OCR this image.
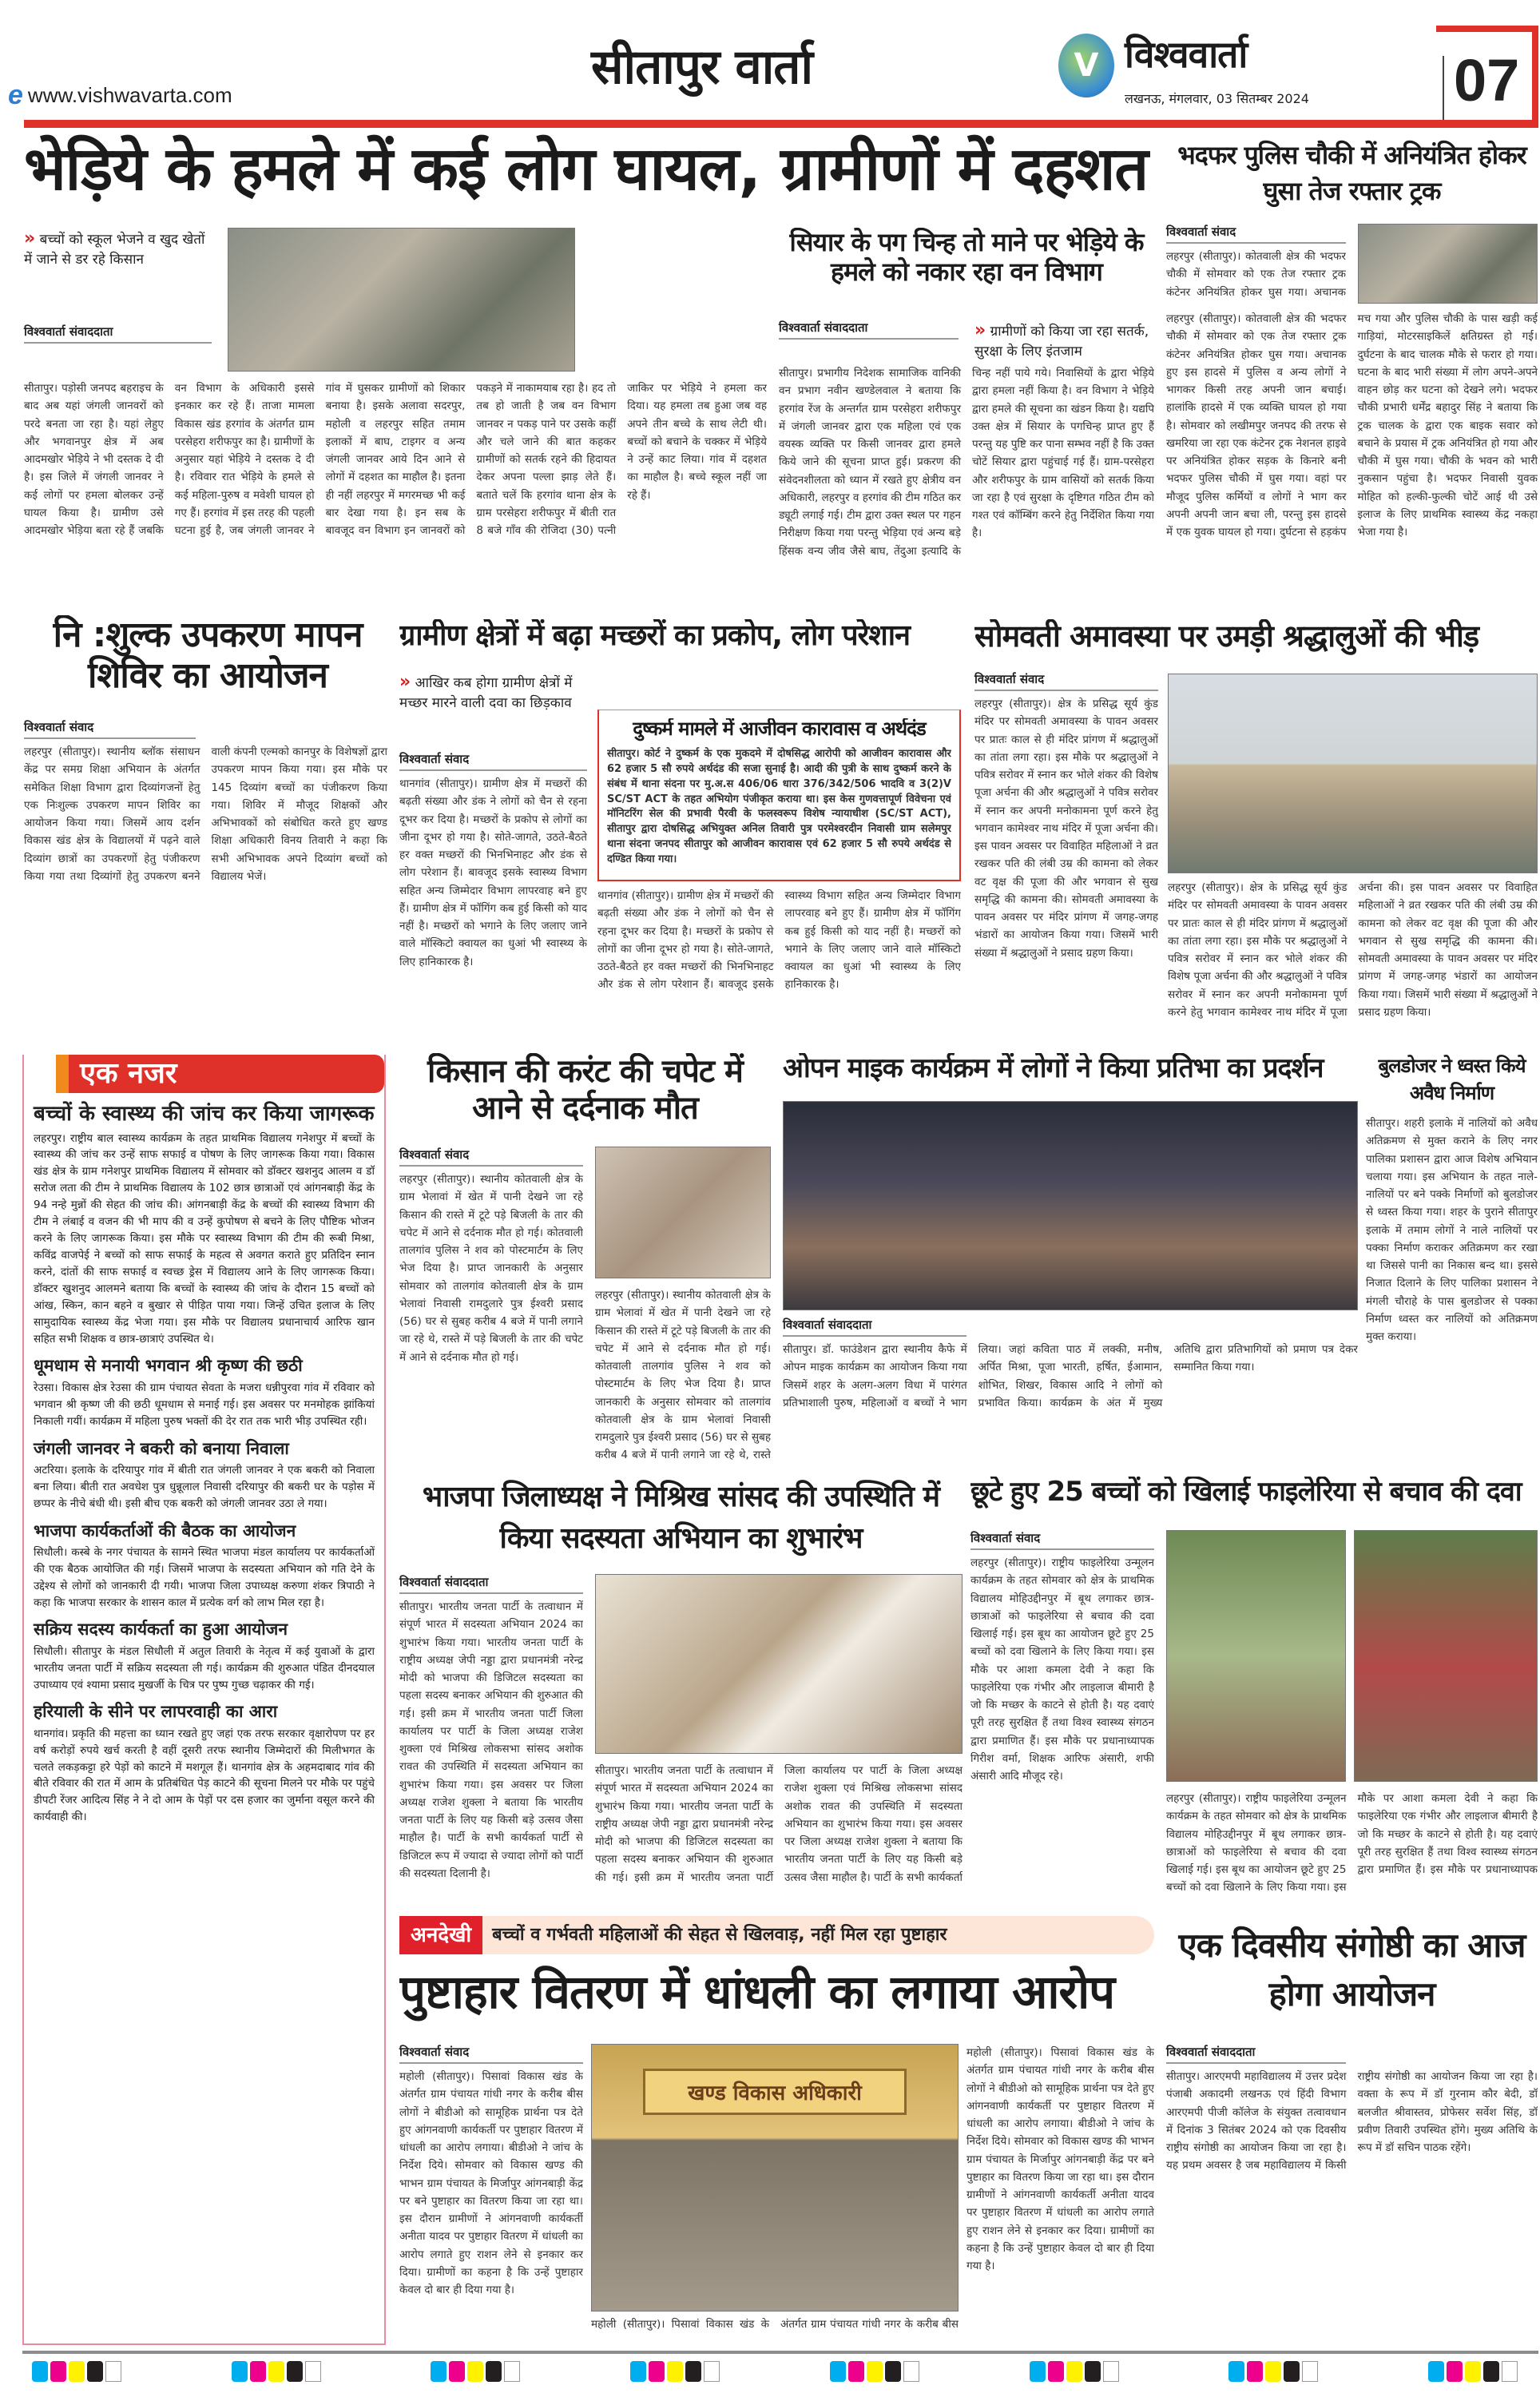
e www.vishwavarta.com	सीतापुर वार्ता	V विश्ववार्ता
लखनऊ, मंगलवार, 03 सितम्बर 2024	07
भेड़िये के हमले में कई लोग घायल, ग्रामीणों में दहशत
» बच्चों को स्कूल भेजने व खुद खेतों में जाने से डर रहे किसान
विश्ववार्ता संवाददाता
सीतापुर। पड़ोसी जनपद बहराइच के बाद अब यहां जंगली जानवरों को परदे बनता जा रहा है। यहां लेहुए और भगवानपुर क्षेत्र में अब आदमखोर भेड़िये ने भी दस्तक दे दी है। इस जिले में जंगली जानवर ने कई लोगों पर हमला बोलकर उन्हें घायल किया है। ग्रामीण उसे आदमखोर भेड़िया बता रहे हैं जबकि वन विभाग के अधिकारी इससे इनकार कर रहे हैं। ताजा मामला विकास खंड हरगांव के अंतर्गत ग्राम परसेहरा शरीफपुर का है। ग्रामीणों के अनुसार यहां भेड़िये ने दस्तक दे दी है। रविवार रात भेड़िये के हमले से कई महिला-पुरुष व मवेशी घायल हो गए हैं। हरगांव में इस तरह की पहली घटना हुई है, जब जंगली जानवर ने गांव में घुसकर ग्रामीणों को शिकार बनाया है। इसके अलावा सदरपुर, महोली व लहरपुर सहित तमाम इलाकों में बाघ, टाइगर व अन्य जंगली जानवर आये दिन आने से लोगों में दहशत का माहौल है। इतना ही नहीं लहरपुर में मगरमच्छ भी कई बार देखा गया है। इन सब के बावजूद वन विभाग इन जानवरों को पकड़ने में नाकामयाब रहा है। हद तो तब हो जाती है जब वन विभाग जानवर न पकड़ पाने पर उसके कहीं और चले जाने की बात कहकर ग्रामीणों को सतर्क रहने की हिदायत देकर अपना पल्ला झाड़ लेते हैं। बताते चलें कि हरगांव थाना क्षेत्र के ग्राम परसेहरा शरीफपुर में बीती रात 8 बजे गाँव की रोजिदा (30) पत्नी जाकिर पर भेड़िये ने हमला कर दिया। यह हमला तब हुआ जब वह अपने तीन बच्चे के साथ लेटी थी। बच्चों को बचाने के चक्कर में भेड़िये ने उन्हें काट लिया। गांव में दहशत का माहौल है। बच्चे स्कूल नहीं जा रहे हैं।
सियार के पग चिन्ह तो माने पर भेड़िये के हमले को नकार रहा वन विभाग
विश्ववार्ता संवाददाता	» ग्रामीणों को किया जा रहा सतर्क, सुरक्षा के लिए इंतजाम
सीतापुर। प्रभागीय निदेशक सामाजिक वानिकी वन प्रभाग नवीन खण्डेलवाल ने बताया कि हरगांव रेंज के अन्तर्गत ग्राम परसेहरा शरीफपुर में जंगली जानवर द्वारा एक महिला एवं एक वयस्क व्यक्ति पर किसी जानवर द्वारा हमले किये जाने की सूचना प्राप्त हुई। प्रकरण की संवेदनशीलता को ध्यान में रखते हुए क्षेत्रीय वन अधिकारी, लहरपुर व हरगांव की टीम गठित कर ड्यूटी लगाई गई। टीम द्वारा उक्त स्थल पर गहन निरीक्षण किया गया परन्तु भेड़िया एवं अन्य बड़े हिंसक वन्य जीव जैसे बाघ, तेंदुआ इत्यादि के चिन्ह नहीं पाये गये। निवासियों के द्वारा भेड़िये द्वारा हमला नहीं किया है। वन विभाग ने भेड़िये द्वारा हमले की सूचना का खंडन किया है। यद्यपि उक्त क्षेत्र में सियार के पगचिन्ह प्राप्त हुए हैं परन्तु यह पुष्टि कर पाना सम्भव नहीं है कि उक्त चोटें सियार द्वारा पहुंचाई गई हैं। ग्राम-परसेहरा और शरीफपुर के ग्राम वासियों को सतर्क किया जा रहा है एवं सुरक्षा के दृष्टिगत गठित टीम को गश्त एवं कॉम्बिंग करने हेतु निर्देशित किया गया है।
भदफर पुलिस चौकी में अनियंत्रित होकर घुसा तेज रफ्तार ट्रक
विश्ववार्ता संवाद
लहरपुर (सीतापुर)। कोतवाली क्षेत्र की भदफर चौकी में सोमवार को एक तेज रफ्तार ट्रक कंटेनर अनियंत्रित होकर घुस गया। अचानक हुए इस हादसे में पुलिस व अन्य लोगों ने भागकर किसी तरह अपनी जान बचाई। हालांकि हादसे में एक व्यक्ति घायल हो गया है। सोमवार को लखीमपुर जनपद की तरफ से खमरिया जा रहा एक कंटेनर ट्रक नेशनल हाइवे पर अनियंत्रित होकर सड़क के किनारे बनी भदफर पुलिस चौकी में घुस गया। वहां पर मौजूद पुलिस कर्मियों व लोगों ने भाग कर अपनी अपनी जान बचा ली, परन्तु इस हादसे में एक युवक घायल हो गया। दुर्घटना से हड़कंप मच गया और पुलिस चौकी के पास खड़ी कई गाड़ियां, मोटरसाइकिलें क्षतिग्रस्त हो गई। दुर्घटना के बाद चालक मौके से फरार हो गया। घटना के बाद भारी संख्या में लोग अपने-अपने वाहन छोड़ कर घटना को देखने लगे। भदफर चौकी प्रभारी धर्मेंद्र बहादुर सिंह ने बताया कि ट्रक चालक के द्वारा एक बाइक सवार को बचाने के प्रयास में ट्रक अनियंत्रित हो गया और चौकी में घुस गया। चौकी के भवन को भारी नुकसान पहुंचा है। भदफर निवासी युवक मोहित को हल्की-फुल्की चोटें आई थी उसे इलाज के लिए प्राथमिक स्वास्थ्य केंद्र नकहा भेजा गया है।
लहरपुर (सीतापुर)। कोतवाली क्षेत्र की भदफर चौकी में सोमवार को एक तेज रफ्तार ट्रक कंटेनर अनियंत्रित होकर घुस गया। अचानक
नि :शुल्क उपकरण मापन शिविर का आयोजन
विश्ववार्ता संवाद
लहरपुर (सीतापुर)। स्थानीय ब्लॉक संसाधन केंद्र पर समग्र शिक्षा अभियान के अंतर्गत समेकित शिक्षा विभाग द्वारा दिव्यांगजनों हेतु एक निःशुल्क उपकरण मापन शिविर का आयोजन किया गया। जिसमें आय दर्शन विकास खंड क्षेत्र के विद्यालयों में पढ़ने वाले दिव्यांग छात्रों का उपकरणों हेतु पंजीकरण किया गया तथा दिव्यांगों हेतु उपकरण बनने वाली कंपनी एल्मको कानपुर के विशेषज्ञों द्वारा उपकरण मापन किया गया। इस मौके पर 145 दिव्यांग बच्चों का पंजीकरण किया गया। शिविर में मौजूद शिक्षकों और अभिभावकों को संबोधित करते हुए खण्ड शिक्षा अधिकारी विनय तिवारी ने कहा कि सभी अभिभावक अपने दिव्यांग बच्चों को विद्यालय भेजें।
ग्रामीण क्षेत्रों में बढ़ा मच्छरों का प्रकोप, लोग परेशान
» आखिर कब होगा ग्रामीण क्षेत्रों में मच्छर मारने वाली दवा का छिड़काव
विश्ववार्ता संवाद
थानगांव (सीतापुर)। ग्रामीण क्षेत्र में मच्छरों की बढ़ती संख्या और डंक ने लोगों को चैन से रहना दूभर कर दिया है। मच्छरों के प्रकोप से लोगों का जीना दूभर हो गया है। सोते-जागते, उठते-बैठते हर वक्त मच्छरों की भिनभिनाहट और डंक से लोग परेशान हैं। बावजूद इसके स्वास्थ्य विभाग सहित अन्य जिम्मेदार विभाग लापरवाह बने हुए हैं। ग्रामीण क्षेत्र में फॉगिंग कब हुई किसी को याद नहीं है। मच्छरों को भगाने के लिए जलाए जाने वाले मॉस्किटो क्वायल का धुआं भी स्वास्थ्य के लिए हानिकारक है।
दुष्कर्म मामले में आजीवन कारावास व अर्थदंड
सीतापुर। कोर्ट ने दुष्कर्म के एक मुकदमे में दोषसिद्ध आरोपी को आजीवन कारावास और 62 हजार 5 सौ रुपये अर्थदंड की सजा सुनाई है। आदी की पुत्री के साथ दुष्कर्म करने के संबंध में थाना संदना पर मु.अ.स 406/06 धारा 376/342/506 भादवि व 3(2)V SC/ST ACT के तहत अभियोग पंजीकृत कराया था। इस केस गुणवत्तापूर्ण विवेचना एवं मॉनिटरिंग सेल की प्रभावी पैरवी के फलस्वरूप विशेष न्यायाधीश (SC/ST ACT), सीतापुर द्वारा दोषसिद्ध अभियुक्त अनिल तिवारी पुत्र परमेश्वरदीन निवासी ग्राम सलेमपुर थाना संदना जनपद सीतापुर को आजीवन कारावास एवं 62 हजार 5 सौ रुपये अर्थदंड से दण्डित किया गया।
थानगांव (सीतापुर)। ग्रामीण क्षेत्र में मच्छरों की बढ़ती संख्या और डंक ने लोगों को चैन से रहना दूभर कर दिया है। मच्छरों के प्रकोप से लोगों का जीना दूभर हो गया है। सोते-जागते, उठते-बैठते हर वक्त मच्छरों की भिनभिनाहट और डंक से लोग परेशान हैं। बावजूद इसके स्वास्थ्य विभाग सहित अन्य जिम्मेदार विभाग लापरवाह बने हुए हैं। ग्रामीण क्षेत्र में फॉगिंग कब हुई किसी को याद नहीं है। मच्छरों को भगाने के लिए जलाए जाने वाले मॉस्किटो क्वायल का धुआं भी स्वास्थ्य के लिए हानिकारक है।
सोमवती अमावस्या पर उमड़ी श्रद्धालुओं की भीड़
विश्ववार्ता संवाद
लहरपुर (सीतापुर)। क्षेत्र के प्रसिद्ध सूर्य कुंड मंदिर पर सोमवती अमावस्या के पावन अवसर पर प्रातः काल से ही मंदिर प्रांगण में श्रद्धालुओं का तांता लगा रहा। इस मौके पर श्रद्धालुओं ने पवित्र सरोवर में स्नान कर भोले शंकर की विशेष पूजा अर्चना की और श्रद्धालुओं ने पवित्र सरोवर में स्नान कर अपनी मनोकामना पूर्ण करने हेतु भगवान कामेश्वर नाथ मंदिर में पूजा अर्चना की। इस पावन अवसर पर विवाहित महिलाओं ने व्रत रखकर पति की लंबी उम्र की कामना को लेकर वट वृक्ष की पूजा की और भगवान से सुख समृद्धि की कामना की। सोमवती अमावस्या के पावन अवसर पर मंदिर प्रांगण में जगह-जगह भंडारों का आयोजन किया गया। जिसमें भारी संख्या में श्रद्धालुओं ने प्रसाद ग्रहण किया।
लहरपुर (सीतापुर)। क्षेत्र के प्रसिद्ध सूर्य कुंड मंदिर पर सोमवती अमावस्या के पावन अवसर पर प्रातः काल से ही मंदिर प्रांगण में श्रद्धालुओं का तांता लगा रहा। इस मौके पर श्रद्धालुओं ने पवित्र सरोवर में स्नान कर भोले शंकर की विशेष पूजा अर्चना की और श्रद्धालुओं ने पवित्र सरोवर में स्नान कर अपनी मनोकामना पूर्ण करने हेतु भगवान कामेश्वर नाथ मंदिर में पूजा अर्चना की। इस पावन अवसर पर विवाहित महिलाओं ने व्रत रखकर पति की लंबी उम्र की कामना को लेकर वट वृक्ष की पूजा की और भगवान से सुख समृद्धि की कामना की। सोमवती अमावस्या के पावन अवसर पर मंदिर प्रांगण में जगह-जगह भंडारों का आयोजन किया गया। जिसमें भारी संख्या में श्रद्धालुओं ने प्रसाद ग्रहण किया।
एक नजर
बच्चों के स्वास्थ्य की जांच कर किया जागरूक
लहरपुर। राष्ट्रीय बाल स्वास्थ्य कार्यक्रम के तहत प्राथमिक विद्यालय गनेशपुर में बच्चों के स्वास्थ्य की जांच कर उन्हें साफ सफाई व पोषण के लिए जागरूक किया गया। विकास खंड क्षेत्र के ग्राम गनेशपुर प्राथमिक विद्यालय में सोमवार को डॉक्टर खशनुद आलम व डॉ सरोज लता की टीम ने प्राथमिक विद्यालय के 102 छात्र छात्राओं एवं आंगनबाड़ी केंद्र के 94 नन्हे मुन्नों की सेहत की जांच की। आंगनबाड़ी केंद्र के बच्चों की स्वास्थ्य विभाग की टीम ने लंबाई व वजन की भी माप की व उन्हें कुपोषण से बचने के लिए पौष्टिक भोजन करने के लिए जागरूक किया। इस मौके पर स्वास्थ्य विभाग की टीम की रूबी मिश्रा, कविंद्र वाजपेई ने बच्चों को साफ सफाई के महत्व से अवगत कराते हुए प्रतिदिन स्नान करने, दांतों की साफ सफाई व स्वच्छ ड्रेस में विद्यालय आने के लिए जागरूक किया। डॉक्टर खुशनुद आलमने बताया कि बच्चों के स्वास्थ्य की जांच के दौरान 15 बच्चों को आंख, स्किन, कान बहने व बुखार से पीड़ित पाया गया। जिन्हें उचित इलाज के लिए सामुदायिक स्वास्थ्य केंद्र भेजा गया। इस मौके पर विद्यालय प्रधानाचार्य आरिफ खान सहित सभी शिक्षक व छात्र-छात्राएं उपस्थित थे।
धूमधाम से मनायी भगवान श्री कृष्ण की छठी
रेउसा। विकास क्षेत्र रेउसा की ग्राम पंचायत सेवता के मजरा धन्नीपुरवा गांव में रविवार को भगवान श्री कृष्ण जी की छठी धूमधाम से मनाई गई। इस अवसर पर मनमोहक झांकियां निकाली गयीं। कार्यक्रम में महिला पुरुष भक्तों की देर रात तक भारी भीड़ उपस्थित रही।
जंगली जानवर ने बकरी को बनाया निवाला
अटरिया। इलाके के दरियापुर गांव में बीती रात जंगली जानवर ने एक बकरी को निवाला बना लिया। बीती रात अवधेश पुत्र धुन्नूलाल निवासी दरियापुर की बकरी घर के पड़ोस में छप्पर के नीचे बंधी थी। इसी बीच एक बकरी को जंगली जानवर उठा ले गया।
भाजपा कार्यकर्ताओं की बैठक का आयोजन
सिधौली। कस्बे के नगर पंचायत के सामने स्थित भाजपा मंडल कार्यालय पर कार्यकर्ताओं की एक बैठक आयोजित की गई। जिसमें भाजपा के सदस्यता अभियान को गति देने के उद्देश्य से लोगों को जानकारी दी गयी। भाजपा जिला उपाध्यक्ष करुणा शंकर त्रिपाठी ने कहा कि भाजपा सरकार के शासन काल में प्रत्येक वर्ग को लाभ मिल रहा है।
सक्रिय सदस्य कार्यकर्ता का हुआ आयोजन
सिधौली। सीतापुर के मंडल सिधौली में अतुल तिवारी के नेतृत्व में कई युवाओं के द्वारा भारतीय जनता पार्टी में सक्रिय सदस्यता ली गई। कार्यक्रम की शुरुआत पंडित दीनदयाल उपाध्याय एवं श्यामा प्रसाद मुखर्जी के चित्र पर पुष्प गुच्छ चढ़ाकर की गई।
हरियाली के सीने पर लापरवाही का आरा
थानगांव। प्रकृति की महत्ता का ध्यान रखते हुए जहां एक तरफ सरकार वृक्षारोपण पर हर वर्ष करोड़ों रुपये खर्च करती है वहीं दूसरी तरफ स्थानीय जिम्मेदारों की मिलीभगत के चलते लकड़कट्टा हरे पेड़ों को काटने में मशगूल हैं। थानगांव क्षेत्र के अहमदाबाद गांव की बीते रविवार की रात में आम के प्रतिबंधित पेड़ काटने की सूचना मिलने पर मौके पर पहुंचे डीपटी रेंजर आदित्य सिंह ने ने दो आम के पेड़ों पर दस हजार का जुर्माना वसूल करने की कार्यवाही की।
किसान की करंट की चपेट में आने से दर्दनाक मौत
विश्ववार्ता संवाद
लहरपुर (सीतापुर)। स्थानीय कोतवाली क्षेत्र के ग्राम भेलावां में खेत में पानी देखने जा रहे किसान की रास्ते में टूटे पड़े बिजली के तार की चपेट में आने से दर्दनाक मौत हो गई। कोतवाली तालगांव पुलिस ने शव को पोस्टमार्टम के लिए भेज दिया है। प्राप्त जानकारी के अनुसार सोमवार को तालगांव कोतवाली क्षेत्र के ग्राम भेलावां निवासी रामदुलारे पुत्र ईश्वरी प्रसाद (56) घर से सुबह करीब 4 बजे में पानी लगाने जा रहे थे, रास्ते में पड़े बिजली के तार की चपेट में आने से दर्दनाक मौत हो गई।
लहरपुर (सीतापुर)। स्थानीय कोतवाली क्षेत्र के ग्राम भेलावां में खेत में पानी देखने जा रहे किसान की रास्ते में टूटे पड़े बिजली के तार की चपेट में आने से दर्दनाक मौत हो गई। कोतवाली तालगांव पुलिस ने शव को पोस्टमार्टम के लिए भेज दिया है। प्राप्त जानकारी के अनुसार सोमवार को तालगांव कोतवाली क्षेत्र के ग्राम भेलावां निवासी रामदुलारे पुत्र ईश्वरी प्रसाद (56) घर से सुबह करीब 4 बजे में पानी लगाने जा रहे थे, रास्ते
ओपन माइक कार्यक्रम में लोगों ने किया प्रतिभा का प्रदर्शन
विश्ववार्ता संवाददाता
सीतापुर। डॉ. फाउंडेशन द्वारा स्थानीय कैफे में ओपन माइक कार्यक्रम का आयोजन किया गया जिसमें शहर के अलग-अलग विधा में पारंगत प्रतिभाशाली पुरुष, महिलाओं व बच्चों ने भाग लिया। जहां कविता पाठ में लक्की, मनीष, अर्पित मिश्रा, पूजा भारती, हर्षित, ईआमान, शोभित, शिखर, विकास आदि ने लोगों को प्रभावित किया। कार्यक्रम के अंत में मुख्य अतिथि द्वारा प्रतिभागियों को प्रमाण पत्र देकर सम्मानित किया गया।
बुलडोजर ने ध्वस्त किये अवैध निर्माण
सीतापुर। शहरी इलाके में नालियों को अवैध अतिक्रमण से मुक्त कराने के लिए नगर पालिका प्रशासन द्वारा आज विशेष अभियान चलाया गया। इस अभियान के तहत नाले-नालियों पर बने पक्के निर्माणों को बुलडोजर से ध्वस्त किया गया। शहर के पुराने सीतापुर इलाके में तमाम लोगों ने नाले नालियों पर पक्का निर्माण कराकर अतिक्रमण कर रखा था जिससे पानी का निकास बन्द था। इससे निजात दिलाने के लिए पालिका प्रशासन ने मंगली चौराहे के पास बुलडोजर से पक्का निर्माण ध्वस्त कर नालियों को अतिक्रमण मुक्त कराया।
भाजपा जिलाध्यक्ष ने मिश्रिख सांसद की उपस्थिति में किया सदस्यता अभियान का शुभारंभ
विश्ववार्ता संवाददाता
सीतापुर। भारतीय जनता पार्टी के तत्वाधान में संपूर्ण भारत में सदस्यता अभियान 2024 का शुभारंभ किया गया। भारतीय जनता पार्टी के राष्ट्रीय अध्यक्ष जेपी नड्डा द्वारा प्रधानमंत्री नरेन्द्र मोदी को भाजपा की डिजिटल सदस्यता का पहला सदस्य बनाकर अभियान की शुरुआत की गई। इसी क्रम में भारतीय जनता पार्टी जिला कार्यालय पर पार्टी के जिला अध्यक्ष राजेश शुक्ला एवं मिश्रिख लोकसभा सांसद अशोक रावत की उपस्थिति में सदस्यता अभियान का शुभारंभ किया गया। इस अवसर पर जिला अध्यक्ष राजेश शुक्ला ने बताया कि भारतीय जनता पार्टी के लिए यह किसी बड़े उत्सव जैसा माहौल है। पार्टी के सभी कार्यकर्ता पार्टी से डिजिटल रूप में ज्यादा से ज्यादा लोगों को पार्टी की सदस्यता दिलानी है।
सीतापुर। भारतीय जनता पार्टी के तत्वाधान में संपूर्ण भारत में सदस्यता अभियान 2024 का शुभारंभ किया गया। भारतीय जनता पार्टी के राष्ट्रीय अध्यक्ष जेपी नड्डा द्वारा प्रधानमंत्री नरेन्द्र मोदी को भाजपा की डिजिटल सदस्यता का पहला सदस्य बनाकर अभियान की शुरुआत की गई। इसी क्रम में भारतीय जनता पार्टी जिला कार्यालय पर पार्टी के जिला अध्यक्ष राजेश शुक्ला एवं मिश्रिख लोकसभा सांसद अशोक रावत की उपस्थिति में सदस्यता अभियान का शुभारंभ किया गया। इस अवसर पर जिला अध्यक्ष राजेश शुक्ला ने बताया कि भारतीय जनता पार्टी के लिए यह किसी बड़े उत्सव जैसा माहौल है। पार्टी के सभी कार्यकर्ता
छूटे हुए 25 बच्चों को खिलाई फाइलेरिया से बचाव की दवा
विश्ववार्ता संवाद
लहरपुर (सीतापुर)। राष्ट्रीय फाइलेरिया उन्मूलन कार्यक्रम के तहत सोमवार को क्षेत्र के प्राथमिक विद्यालय मोहिउद्दीनपुर में बूथ लगाकर छात्र-छात्राओं को फाइलेरिया से बचाव की दवा खिलाई गई। इस बूथ का आयोजन छूटे हुए 25 बच्चों को दवा खिलाने के लिए किया गया। इस मौके पर आशा कमला देवी ने कहा कि फाइलेरिया एक गंभीर और लाइलाज बीमारी है जो कि मच्छर के काटने से होती है। यह दवाएं पूरी तरह सुरक्षित हैं तथा विश्व स्वास्थ्य संगठन द्वारा प्रमाणित हैं। इस मौके पर प्रधानाध्यापक गिरीश वर्मा, शिक्षक आरिफ अंसारी, शफी अंसारी आदि मौजूद रहे।
लहरपुर (सीतापुर)। राष्ट्रीय फाइलेरिया उन्मूलन कार्यक्रम के तहत सोमवार को क्षेत्र के प्राथमिक विद्यालय मोहिउद्दीनपुर में बूथ लगाकर छात्र-छात्राओं को फाइलेरिया से बचाव की दवा खिलाई गई। इस बूथ का आयोजन छूटे हुए 25 बच्चों को दवा खिलाने के लिए किया गया। इस मौके पर आशा कमला देवी ने कहा कि फाइलेरिया एक गंभीर और लाइलाज बीमारी है जो कि मच्छर के काटने से होती है। यह दवाएं पूरी तरह सुरक्षित हैं तथा विश्व स्वास्थ्य संगठन द्वारा प्रमाणित हैं। इस मौके पर प्रधानाध्यापक
अनदेखी	बच्चों व गर्भवती महिलाओं की सेहत से खिलवाड़, नहीं मिल रहा पुष्टाहार
पुष्टाहार वितरण में धांधली का लगाया आरोप
विश्ववार्ता संवाद
खण्ड विकास अधिकारी
महोली (सीतापुर)। पिसावां विकास खंड के अंतर्गत ग्राम पंचायत गांधी नगर के करीब बीस लोगों ने बीडीओ को सामूहिक प्रार्थना पत्र देते हुए आंगनवाणी कार्यकर्ती पर पुष्टाहार वितरण में धांधली का आरोप लगाया। बीडीओ ने जांच के निर्देश दिये। सोमवार को विकास खण्ड की भाभन ग्राम पंचायत के मिर्जापुर आंगनबाड़ी केंद्र पर बने पुष्टाहार का वितरण किया जा रहा था। इस दौरान ग्रामीणों ने आंगनवाणी कार्यकर्ती अनीता यादव पर पुष्टाहार वितरण में धांधली का आरोप लगाते हुए राशन लेने से इनकार कर दिया। ग्रामीणों का कहना है कि उन्हें पुष्टाहार केवल दो बार ही दिया गया है।
महोली (सीतापुर)। पिसावां विकास खंड के अंतर्गत ग्राम पंचायत गांधी नगर के करीब बीस
महोली (सीतापुर)। पिसावां विकास खंड के अंतर्गत ग्राम पंचायत गांधी नगर के करीब बीस लोगों ने बीडीओ को सामूहिक प्रार्थना पत्र देते हुए आंगनवाणी कार्यकर्ती पर पुष्टाहार वितरण में धांधली का आरोप लगाया। बीडीओ ने जांच के निर्देश दिये। सोमवार को विकास खण्ड की भाभन ग्राम पंचायत के मिर्जापुर आंगनबाड़ी केंद्र पर बने पुष्टाहार का वितरण किया जा रहा था। इस दौरान ग्रामीणों ने आंगनवाणी कार्यकर्ती अनीता यादव पर पुष्टाहार वितरण में धांधली का आरोप लगाते हुए राशन लेने से इनकार कर दिया। ग्रामीणों का कहना है कि उन्हें पुष्टाहार केवल दो बार ही दिया गया है।
एक दिवसीय संगोष्ठी का आज होगा आयोजन
विश्ववार्ता संवाददाता
सीतापुर। आरएमपी महाविद्यालय में उत्तर प्रदेश पंजाबी अकादमी लखनऊ एवं हिंदी विभाग आरएमपी पीजी कॉलेज के संयुक्त तत्वावधान में दिनांक 3 सितंबर 2024 को एक दिवसीय राष्ट्रीय संगोष्ठी का आयोजन किया जा रहा है। यह प्रथम अवसर है जब महाविद्यालय में किसी राष्ट्रीय संगोष्ठी का आयोजन किया जा रहा है। वक्ता के रूप में डॉ गुरनाम कौर बेदी, डॉ बलजीत श्रीवास्तव, प्रोफेसर सर्वेश सिंह, डॉ प्रवीण तिवारी उपस्थित होंगे। मुख्य अतिथि के रूप में डॉ सचिन पाठक रहेंगे।
